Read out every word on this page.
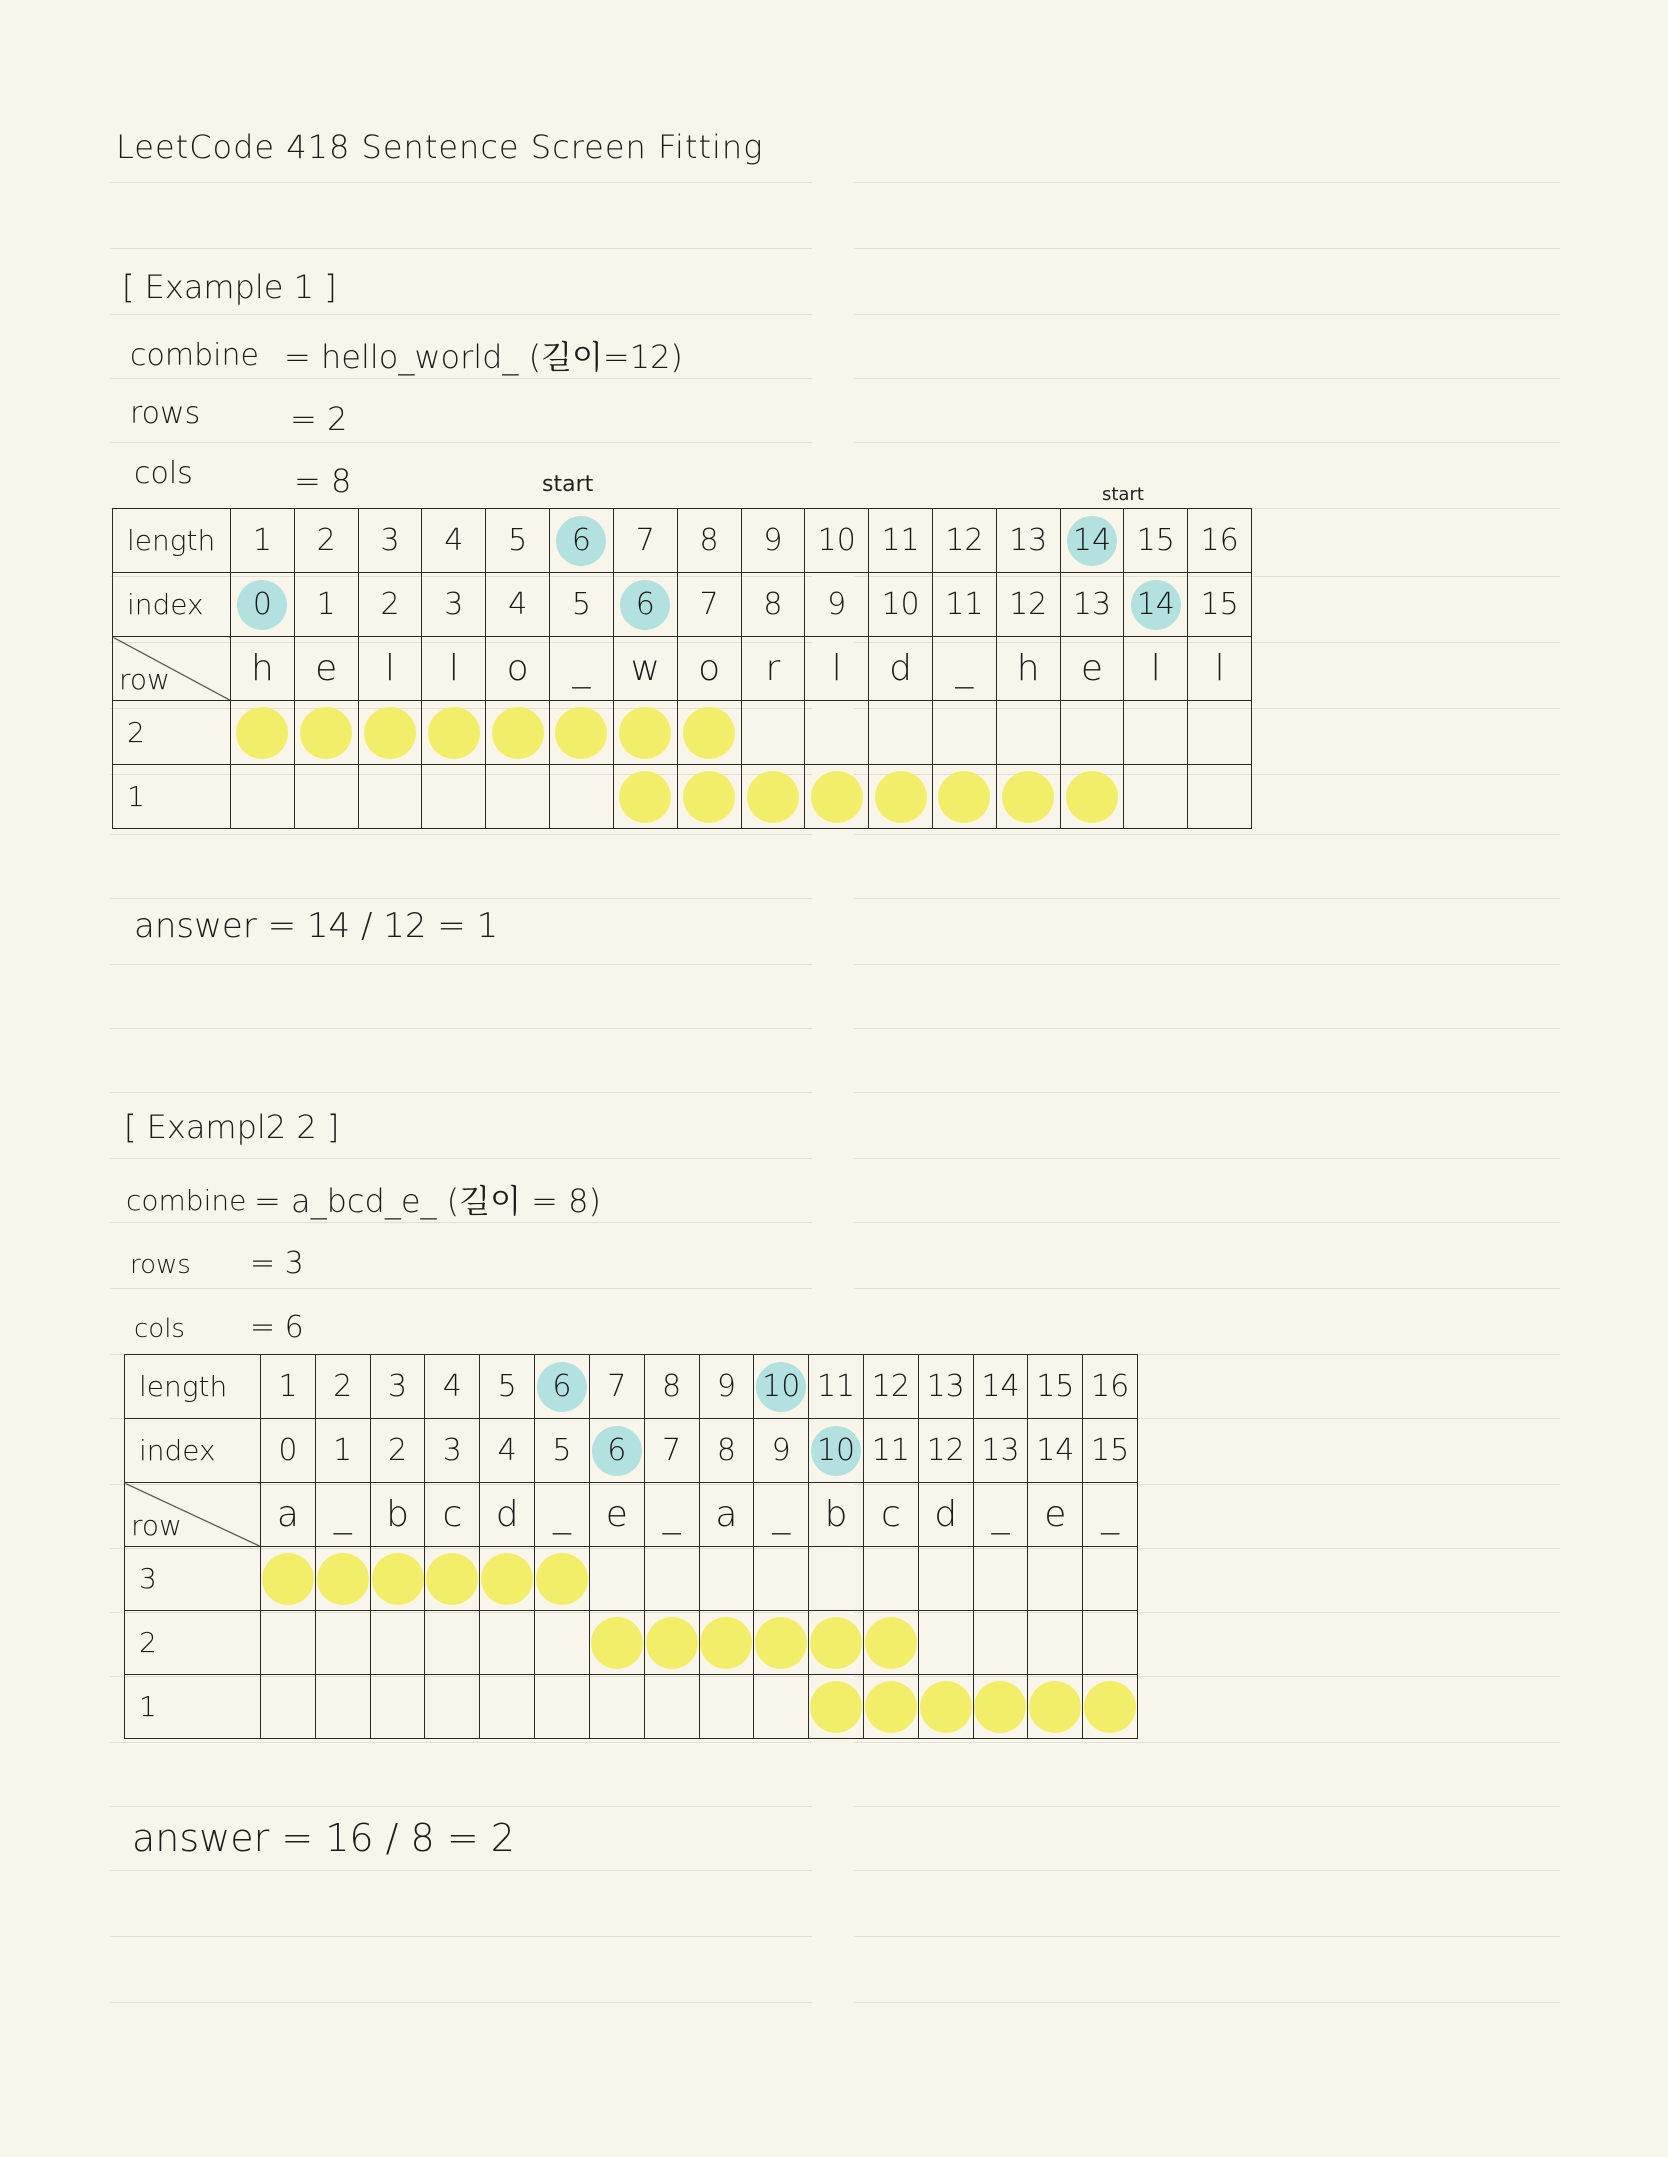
LeetCode 418 Sentence Screen Fitting
[ Example 1 ]
combine = hello_world_ (길이=12)
rows	= 2
cols	= 8	start	start
length	1	2	3	4	5	6	7	8	9	10	11	12	13	14	15	16
index	0	1	2	3	4	5	6	7	8	9	10	11	12	13	14	15

row	h	e	l	l	o	_	w	o	r	l	d	_	h	e	l	l
2	

1							

answer = 14 / 12 = 1
[ Exampl2 2 ]
combine = a_bcd_e_ (길이 = 8)
rows = 3
cols = 6
length	1	2	3	4	5	6	7	8	9	10	11	12	13	14	15	16
index	0	1	2	3	4	5	6	7	8	9	10	11	12	13	14	15

row	a	_	b	c	d	_	e	_	a	_	b	c	d	_	e	_
3	

2							

1											

answer = 16 / 8 = 2
